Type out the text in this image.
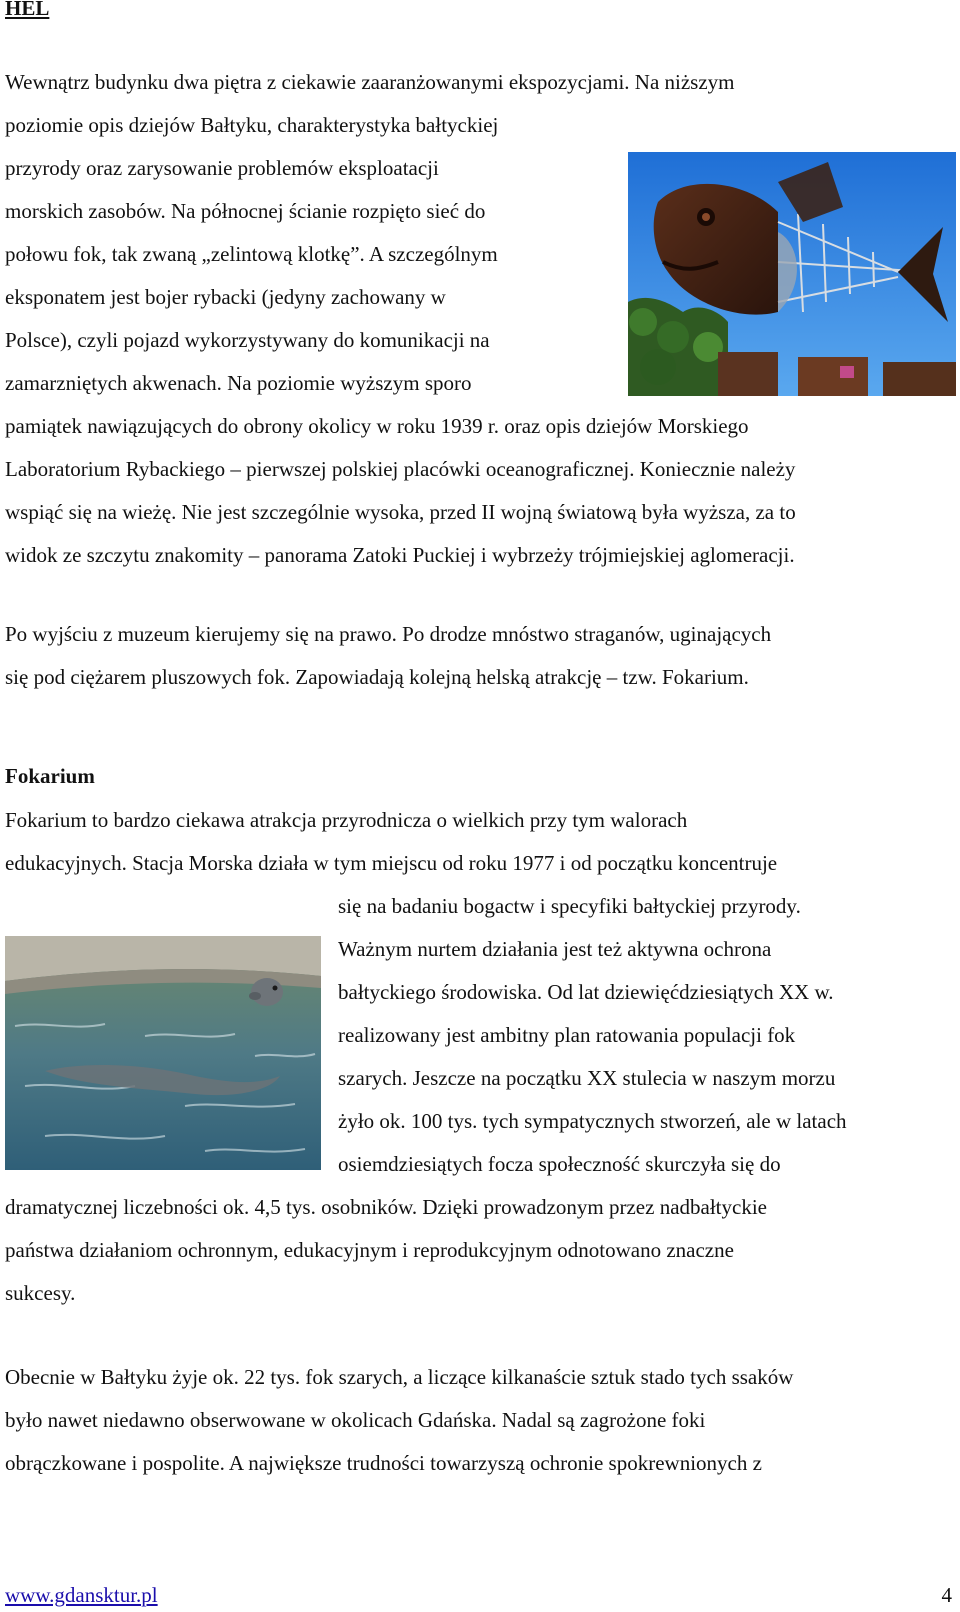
HEL

Wewnątrz budynku dwa piętra z ciekawie zaaranżowanymi ekspozycjami. Na niższym

poziomie opis dziejów Bałtyku, charakterystyka bałtyckiej

przyrody oraz zarysowanie problemów eksploatacji

morskich zasobów. Na północnej ścianie rozpięto sieć do

połowu fok, tak zwaną „zelintową klotkę”. A szczególnym

eksponatem jest bojer rybacki (jedyny zachowany w

Polsce), czyli pojazd wykorzystywany do komunikacji na

zamarzniętych akwenach. Na poziomie wyższym sporo

pamiątek nawiązujących do obrony okolicy w roku 1939 r. oraz opis dziejów Morskiego

Laboratorium Rybackiego – pierwszej polskiej placówki oceanograficznej. Koniecznie należy

wspiąć się na wieżę. Nie jest szczególnie wysoka, przed II wojną światową była wyższa, za to

widok ze szczytu znakomity – panorama Zatoki Puckiej i wybrzeży trójmiejskiej aglomeracji.

Po wyjściu z muzeum kierujemy się na prawo. Po drodze mnóstwo straganów, uginających

się pod ciężarem pluszowych fok. Zapowiadają kolejną helską atrakcję – tzw. Fokarium.

Fokarium

Fokarium to bardzo ciekawa atrakcja przyrodnicza o wielkich przy tym walorach

edukacyjnych. Stacja Morska działa w tym miejscu od roku 1977 i od początku koncentruje

się na badaniu bogactw i specyfiki bałtyckiej przyrody.

Ważnym nurtem działania jest też aktywna ochrona

bałtyckiego środowiska. Od lat dziewięćdziesiątych XX w.

realizowany jest ambitny plan ratowania populacji fok

szarych. Jeszcze na początku XX stulecia w naszym morzu

żyło ok. 100 tys. tych sympatycznych stworzeń, ale w latach

osiemdziesiątych focza społeczność skurczyła się do

dramatycznej liczebności ok. 4,5 tys. osobników. Dzięki prowadzonym przez nadbałtyckie

państwa działaniom ochronnym, edukacyjnym i reprodukcyjnym odnotowano znaczne

sukcesy.

Obecnie w Bałtyku żyje ok. 22 tys. fok szarych, a liczące kilkanaście sztuk stado tych ssaków

było nawet niedawno obserwowane w okolicach Gdańska. Nadal są zagrożone foki

obrączkowane i pospolite. A największe trudności towarzyszą ochronie spokrewnionych z

www.gdansktur.pl	4
